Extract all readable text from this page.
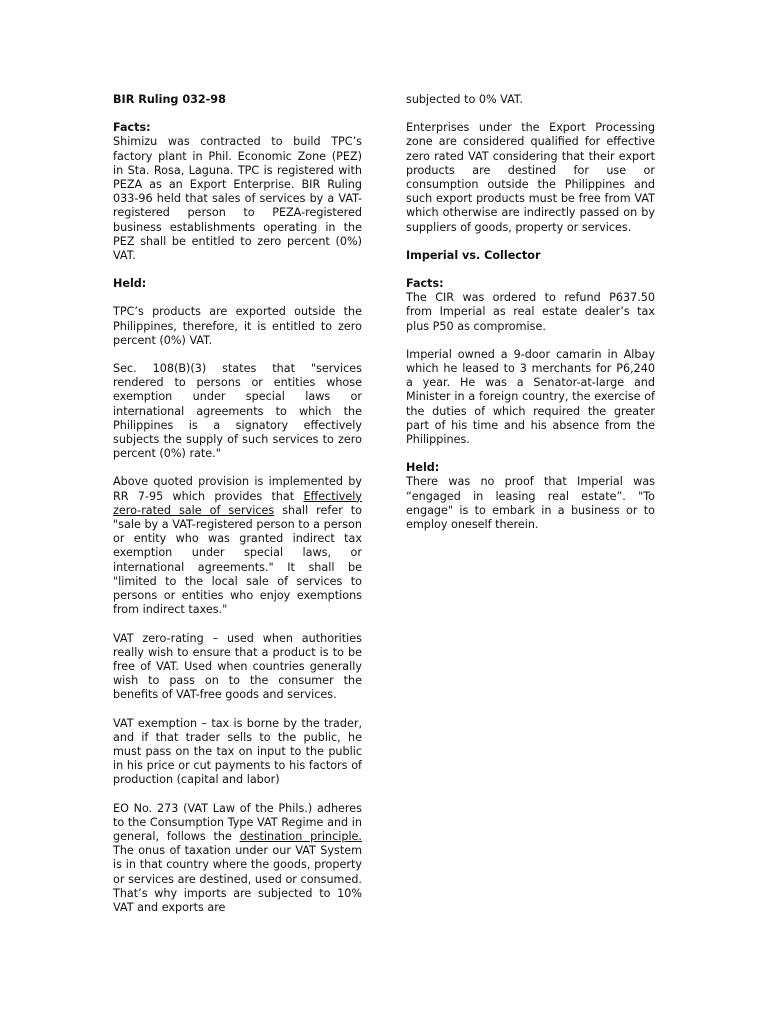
BIR Ruling 032-98

Facts:

Shimizu was contracted to build TPC’s factory plant in Phil. Economic Zone (PEZ) in Sta. Rosa, Laguna. TPC is registered with PEZA as an Export Enterprise. BIR Ruling 033-96 held that sales of services by a VAT-registered person to PEZA-registered business establishments operating in the PEZ shall be entitled to zero percent (0%) VAT.

Held:

TPC’s products are exported outside the Philippines, therefore, it is entitled to zero percent (0%) VAT.

Sec. 108(B)(3) states that "services rendered to persons or entities whose exemption under special laws or international agreements to which the Philippines is a signatory effectively subjects the supply of such services to zero percent (0%) rate."

Above quoted provision is implemented by RR 7-95 which provides that Effectively zero-rated sale of services shall refer to "sale by a VAT-registered person to a person or entity who was granted indirect tax exemption under special laws, or international agreements." It shall be "limited to the local sale of services to persons or entities who enjoy exemptions from indirect taxes."

VAT zero-rating – used when authorities really wish to ensure that a product is to be free of VAT. Used when countries generally wish to pass on to the consumer the benefits of VAT-free goods and services.

VAT exemption – tax is borne by the trader, and if that trader sells to the public, he must pass on the tax on input to the public in his price or cut payments to his factors of production (capital and labor)

EO No. 273 (VAT Law of the Phils.) adheres to the Consumption Type VAT Regime and in general, follows the destination principle. The onus of taxation under our VAT System is in that country where the goods, property or services are destined, used or consumed. That’s why imports are subjected to 10% VAT and exports are

subjected to 0% VAT.

Enterprises under the Export Processing zone are considered qualified for effective zero rated VAT considering that their export products are destined for use or consumption outside the Philippines and such export products must be free from VAT which otherwise are indirectly passed on by suppliers of goods, property or services.

Imperial vs. Collector

Facts:

The CIR was ordered to refund P637.50 from Imperial as real estate dealer’s tax plus P50 as compromise.

Imperial owned a 9-door camarin in Albay which he leased to 3 merchants for P6,240 a year. He was a Senator-at-large and Minister in a foreign country, the exercise of the duties of which required the greater part of his time and his absence from the Philippines.

Held:

There was no proof that Imperial was “engaged in leasing real estate”. "To engage" is to embark in a business or to employ oneself therein.
